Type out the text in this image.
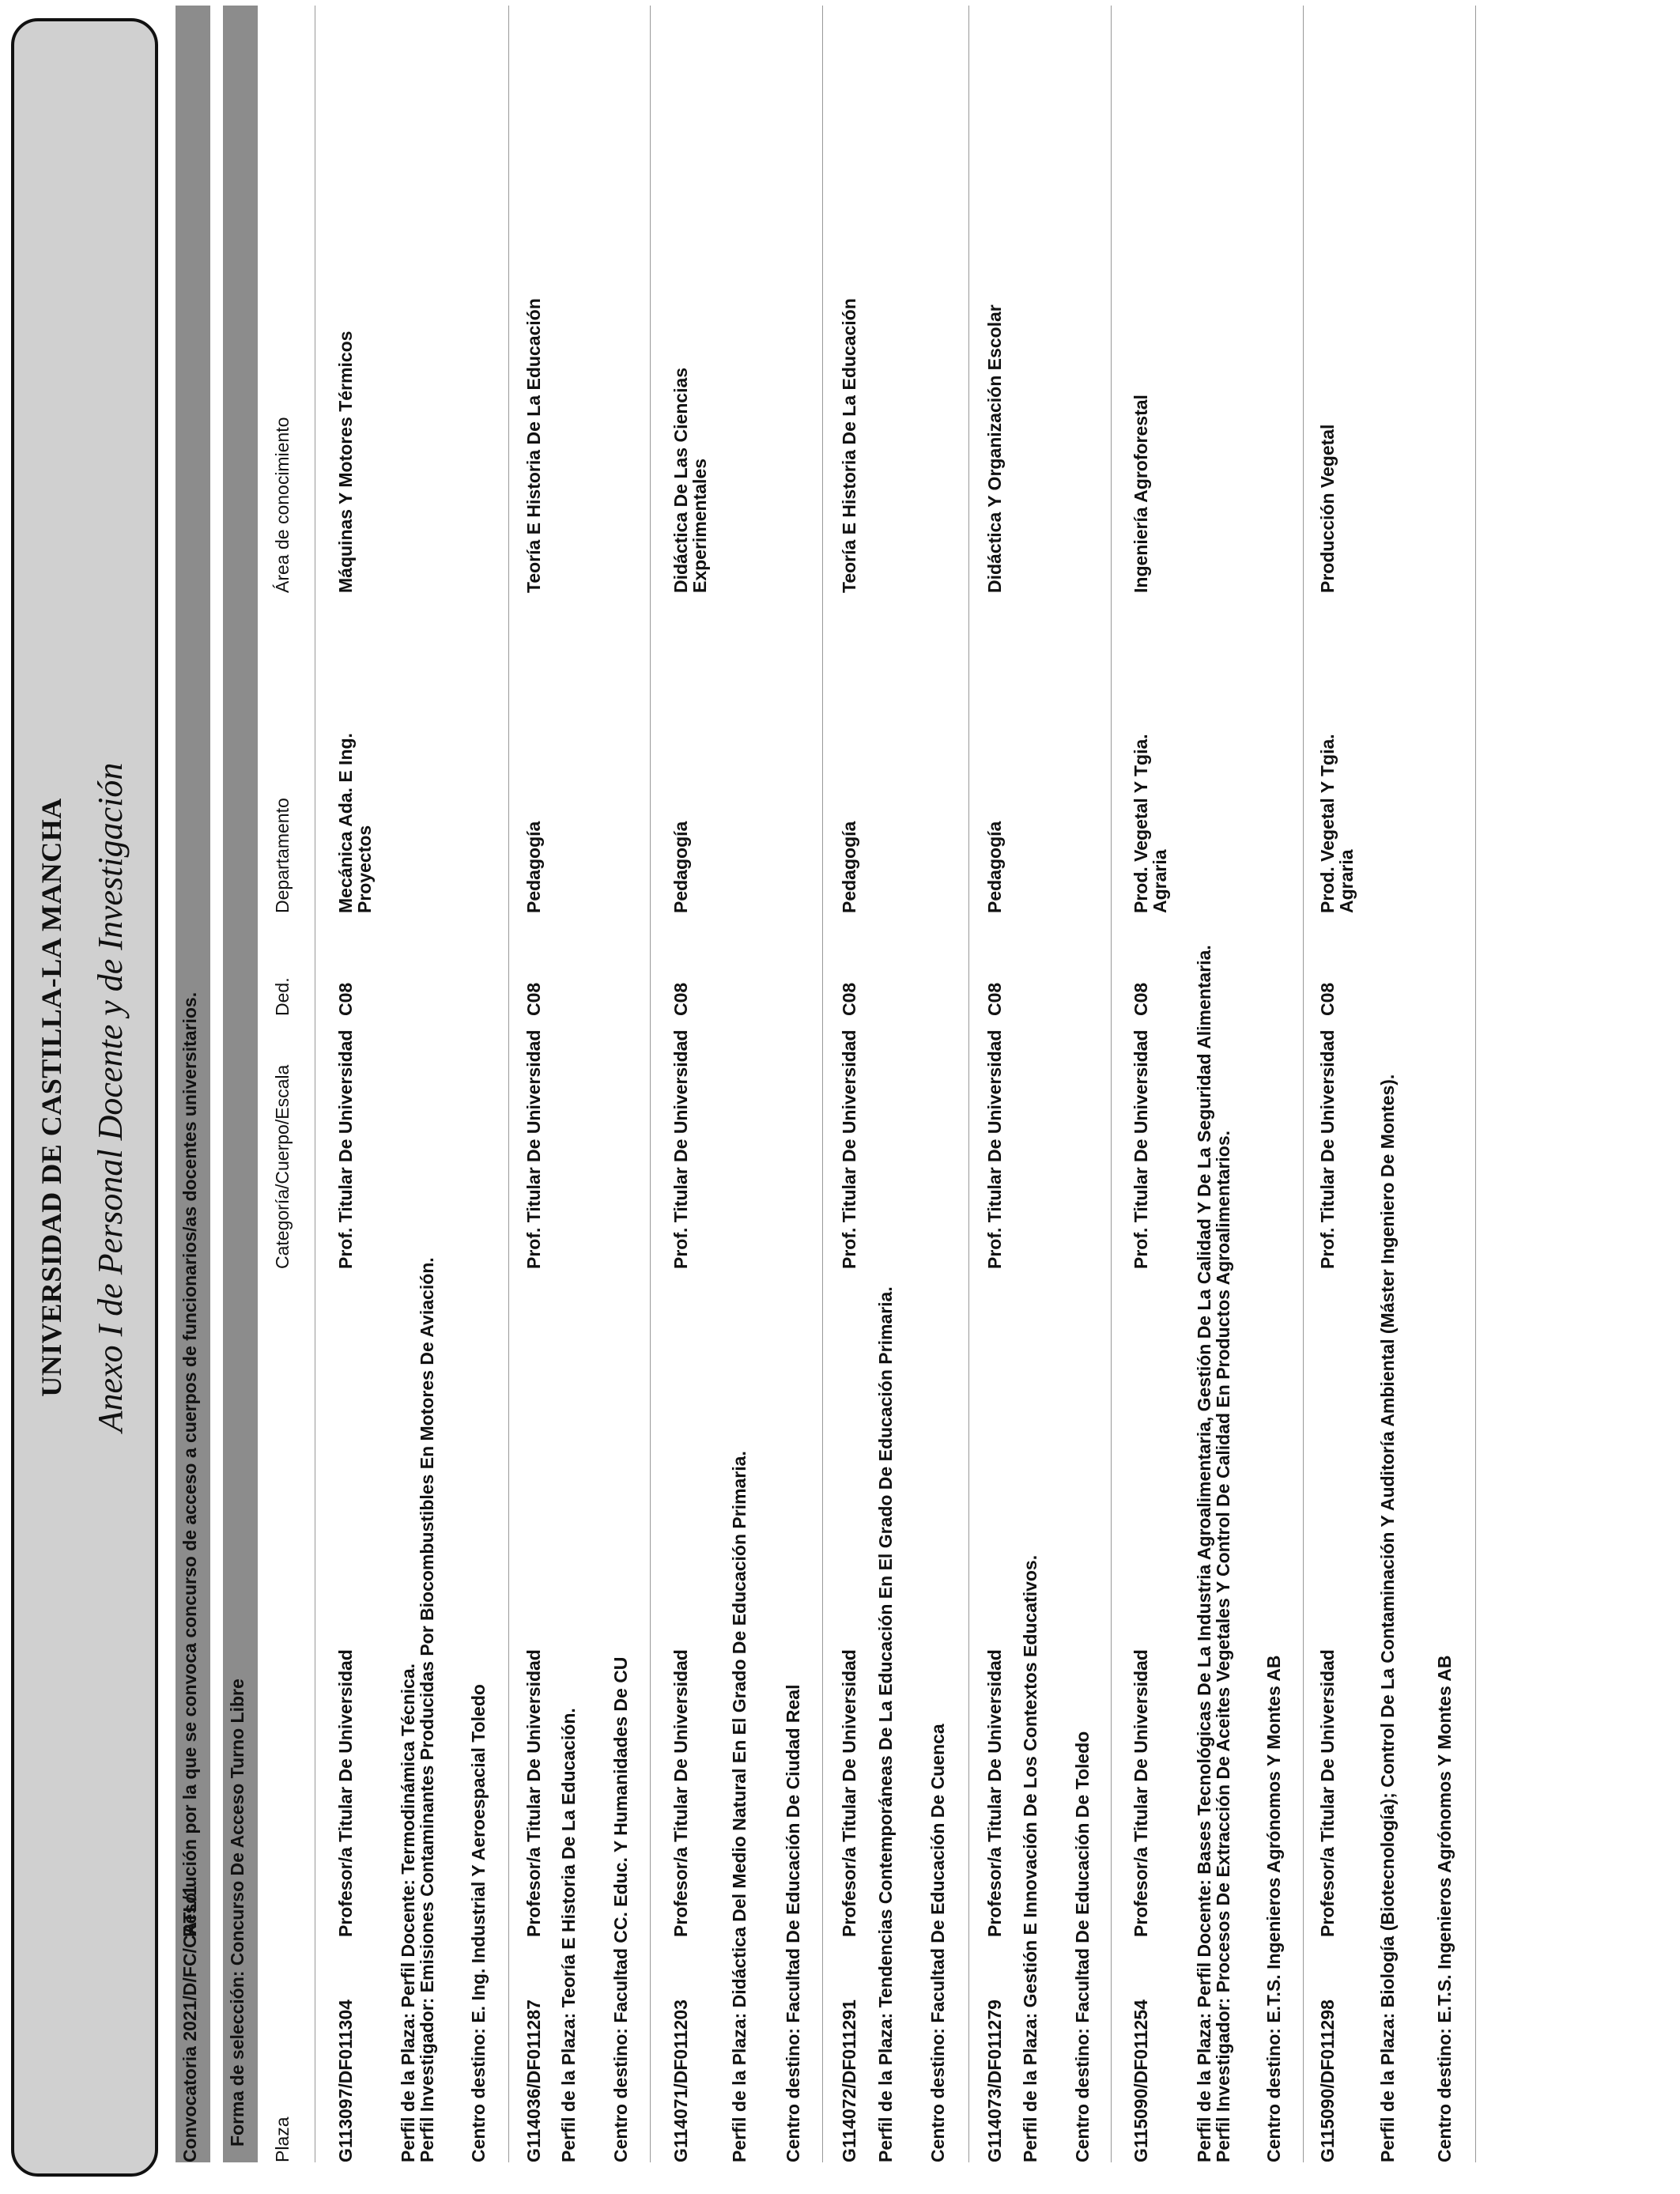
UNIVERSIDAD DE CASTILLA-LA MANCHA Anexo I de Personal Docente y de Investigación
Convocatoria 2021/D/FC/CATL/1
Resolución por la que se convoca concurso de acceso a cuerpos de funcionarios/as docentes universitarios. Forma de selección: Concurso De Acceso Turno Libre Plaza
Categoría/Cuerpo/Escala
Ded.
Departamento
Área de conocimiento
G113097/DF011304
Profesor/a Titular De Universidad
Prof. Titular De Universidad
C08
Mecánica Ada. E Ing.
Proyectos
Máquinas Y Motores Térmicos
Perfil de la Plaza: Perfil Docente: Termodinámica Técnica.
Perfil Investigador: Emisiones Contaminantes Producidas Por Biocombustibles En Motores De Aviación. Centro destino: E. Ing. Industrial Y Aeroespacial Toledo G114036/DF011287
Profesor/a Titular De Universidad
Prof. Titular De Universidad
C08
Pedagogía
Teoría E Historia De La Educación
Perfil de la Plaza: Teoría E Historia De La Educación. Centro destino: Facultad CC. Educ. Y Humanidades De CU G114071/DF011203
Profesor/a Titular De Universidad
Prof. Titular De Universidad
C08
Pedagogía
Didáctica De Las Ciencias
Experimentales
Perfil de la Plaza: Didáctica Del Medio Natural En El Grado De Educación Primaria. Centro destino: Facultad De Educación De Ciudad Real G114072/DF011291
Profesor/a Titular De Universidad
Prof. Titular De Universidad
C08
Pedagogía
Teoría E Historia De La Educación
Perfil de la Plaza: Tendencias Contemporáneas De La Educación En El Grado De Educación Primaria. Centro destino: Facultad De Educación De Cuenca G114073/DF011279
Profesor/a Titular De Universidad
Prof. Titular De Universidad
C08
Pedagogía
Didáctica Y Organización Escolar
Perfil de la Plaza: Gestión E Innovación De Los Contextos Educativos. Centro destino: Facultad De Educación De Toledo G115090/DF011254
Profesor/a Titular De Universidad
Prof. Titular De Universidad
C08
Prod. Vegetal Y Tgia.
Agraria
Ingeniería Agroforestal
Perfil de la Plaza: Perfil Docente: Bases Tecnológicas De La Industria Agroalimentaria, Gestión De La Calidad Y De La Seguridad Alimentaria.
Perfil Investigador: Procesos De Extracción De Aceites Vegetales Y Control De Calidad En Productos Agroalimentarios. Centro destino: E.T.S. Ingenieros Agrónomos Y Montes AB G115090/DF011298
Profesor/a Titular De Universidad
Prof. Titular De Universidad
C08
Prod. Vegetal Y Tgia.
Agraria
Producción Vegetal
Perfil de la Plaza: Biología (Biotecnología); Control De La Contaminación Y Auditoría Ambiental (Máster Ingeniero De Montes). Centro destino: E.T.S. Ingenieros Agrónomos Y Montes AB
